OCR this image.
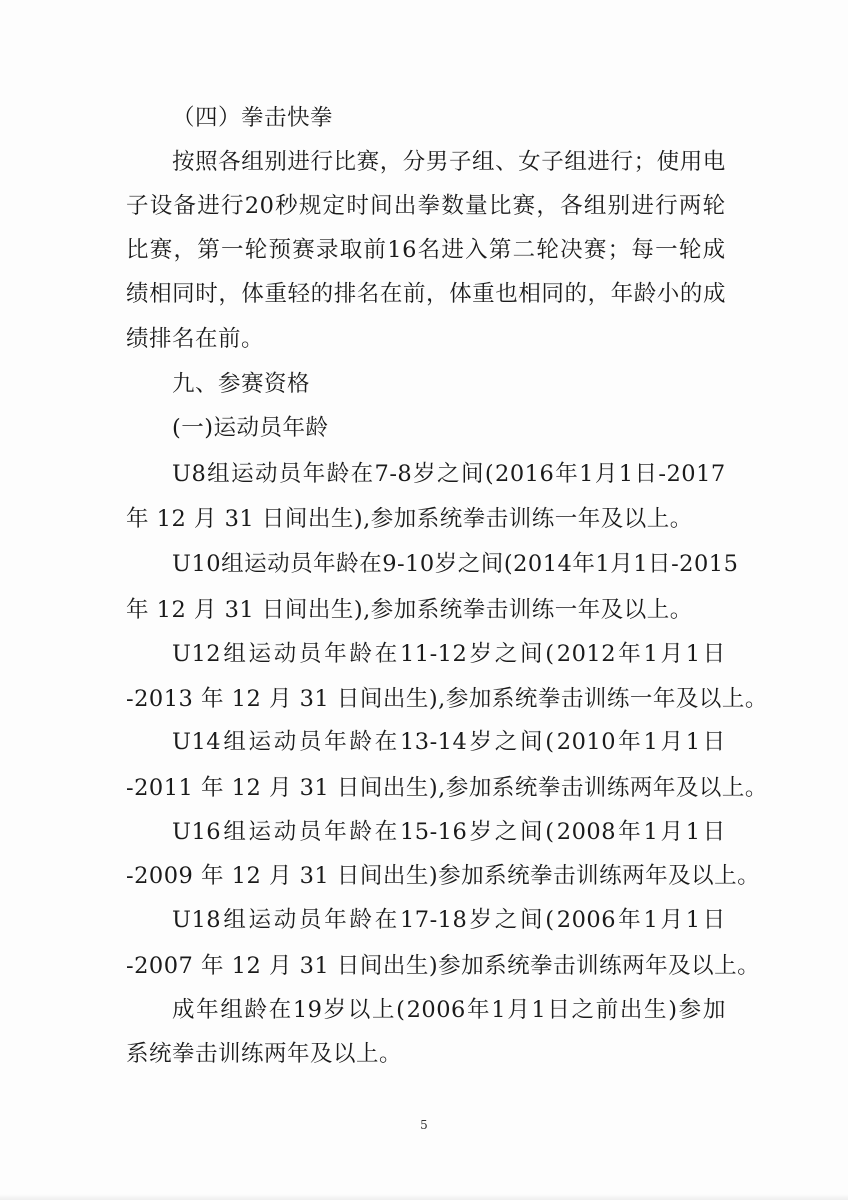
（四）拳击快拳
按 照 各 组 别 进 行 比 赛 ， 分 男 子 组 、 女 子 组 进 行 ； 使 用 电
子 设 备 进 行 20 秒 规 定 时 间 出 拳 数 量 比 赛 ， 各 组 别 进 行 两 轮
比 赛 ， 第 一 轮 预 赛 录 取 前 16 名 进 入 第 二 轮 决 赛 ； 每 一 轮 成
绩 相 同 时 ， 体 重 轻 的 排 名 在 前 ， 体 重 也 相 同 的 ， 年 龄 小 的 成
绩排名在前。
九、参赛资格
(一)运动员年龄
U8 组 运 动 员 年 龄 在 7-8 岁 之 间 ( 2016 年 1 月 1 日 -2017
年 12 月 31 日间出生),参加系统拳击训练一年及以上。
U10 组 运 动 员 年 龄 在 9-10 岁 之 间 ( 2014 年 1 月 1 日 -2015
年 12 月 31 日间出生),参加系统拳击训练一年及以上。
U12 组 运 动 员 年 龄 在 11-12 岁 之 间 ( 2012 年 1 月 1 日
-2013 年 12 月 31 日间出生),参加系统拳击训练一年及以上。
U14 组 运 动 员 年 龄 在 13-14 岁 之 间 ( 2010 年 1 月 1 日
-2011 年 12 月 31 日间出生),参加系统拳击训练两年及以上。
U16 组 运 动 员 年 龄 在 15-16 岁 之 间 ( 2008 年 1 月 1 日
-2009 年 12 月 31 日间出生)参加系统拳击训练两年及以上。
U18 组 运 动 员 年 龄 在 17-18 岁 之 间 ( 2006 年 1 月 1 日
-2007 年 12 月 31 日间出生)参加系统拳击训练两年及以上。
成 年 组 龄 在 19 岁 以 上 ( 2006 年 1 月 1 日 之 前 出 生 ) 参 加
系统拳击训练两年及以上。
5
